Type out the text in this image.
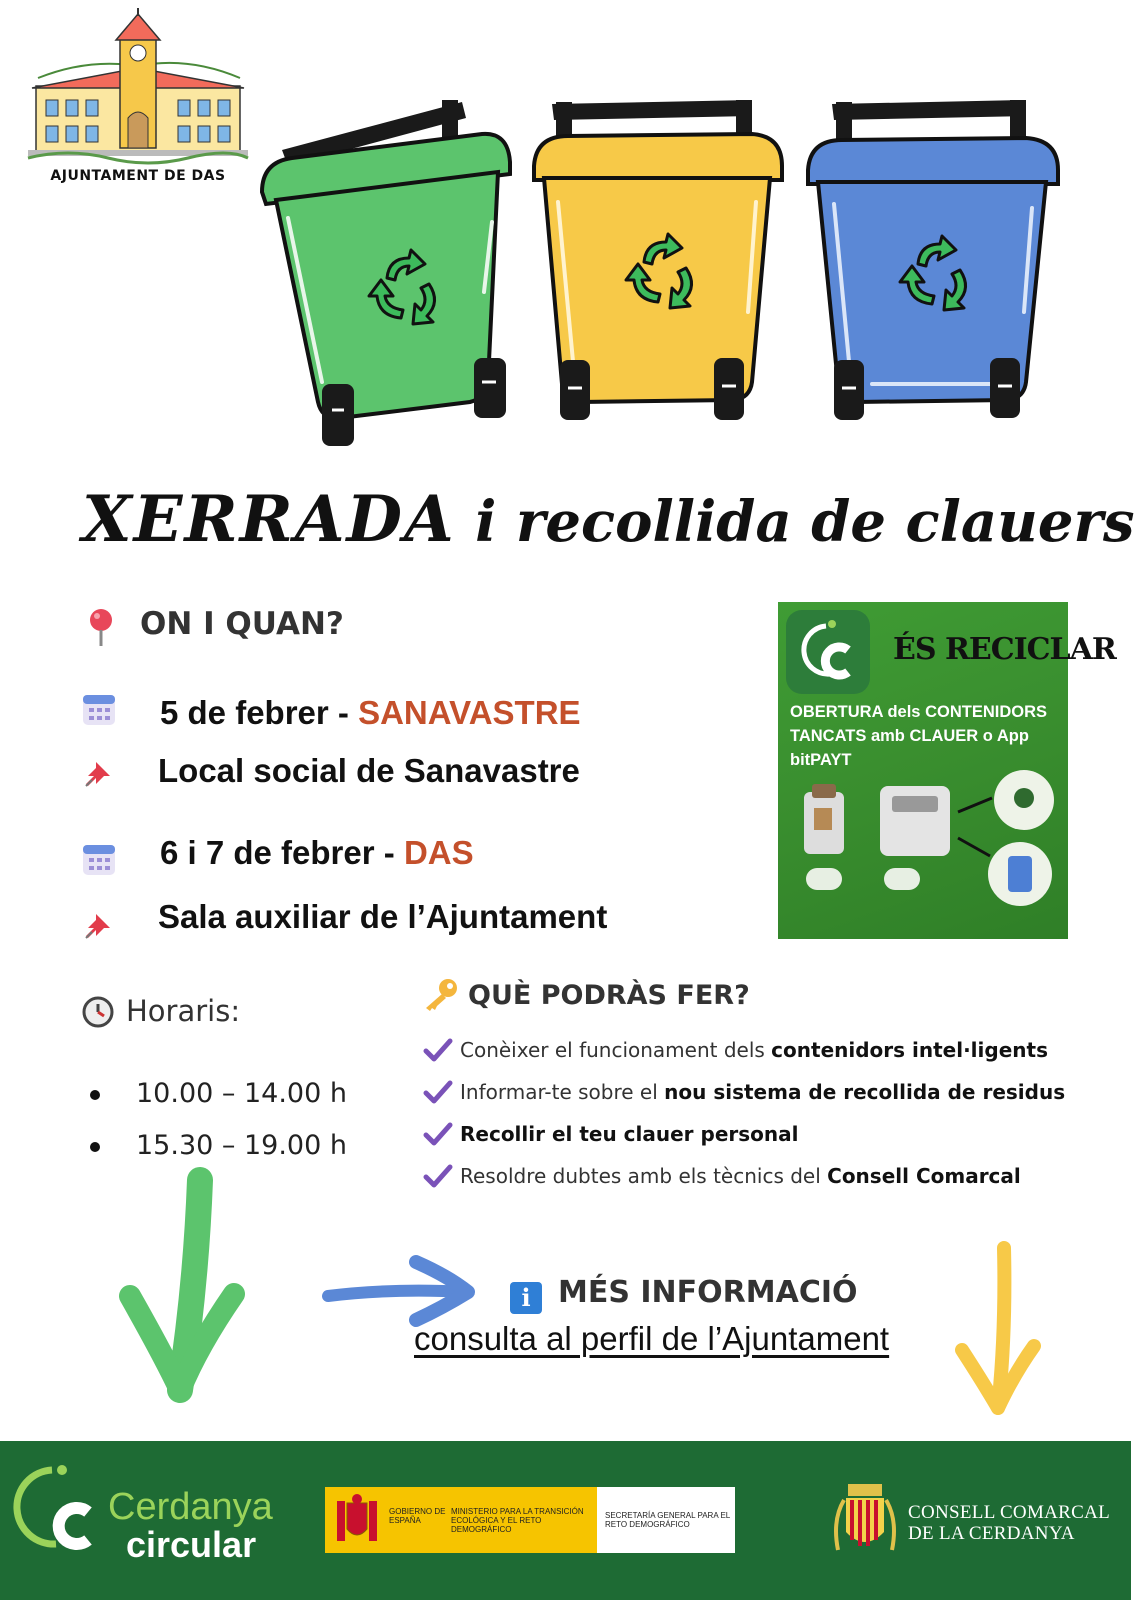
AJUNTAMENT DE DAS
XERRADA i recollida de clauers
ON I QUAN?
5 de febrer - SANAVASTRE
Local social de Sanavastre
6 i 7 de febrer - DAS
Sala auxiliar de l’Ajuntament
ÉS RECICLAR
OBERTURA dels CONTENIDORS TANCATS amb CLAUER o App bitPAYT
Horaris:
10.00 – 14.00 h
15.30 – 19.00 h
QUÈ PODRÀS FER?
Conèixer el funcionament dels contenidors intel·ligents
Informar-te sobre el nou sistema de recollida de residus
Recollir el teu clauer personal
Resoldre dubtes amb els tècnics del Consell Comarcal
i MÉS INFORMACIÓ
consulta al perfil de l’Ajuntament
Cerdanya
circular
GOBIERNO DE ESPAÑA
MINISTERIO PARA LA TRANSICIÓN ECOLÓGICA Y EL RETO DEMOGRÁFICO
SECRETARÍA GENERAL PARA EL RETO DEMOGRÁFICO
CONSELL COMARCAL
DE LA CERDANYA
